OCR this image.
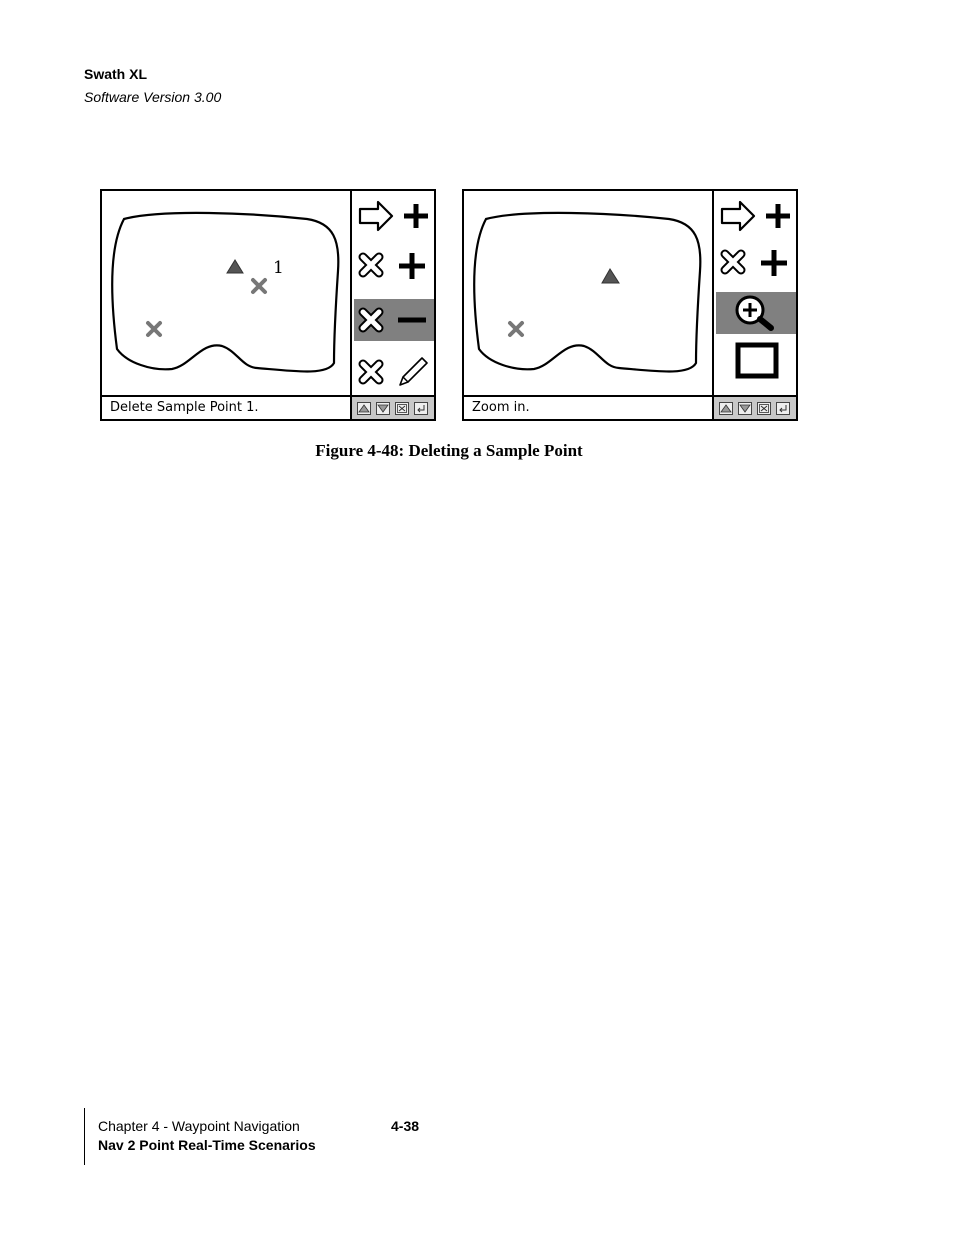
Swath XL
Software Version 3.00
1
Delete Sample Point 1.	Zoom in.
Figure 4-48: Deleting a Sample Point
Chapter 4 - Waypoint Navigation	4-38
Nav 2 Point Real-Time Scenarios
